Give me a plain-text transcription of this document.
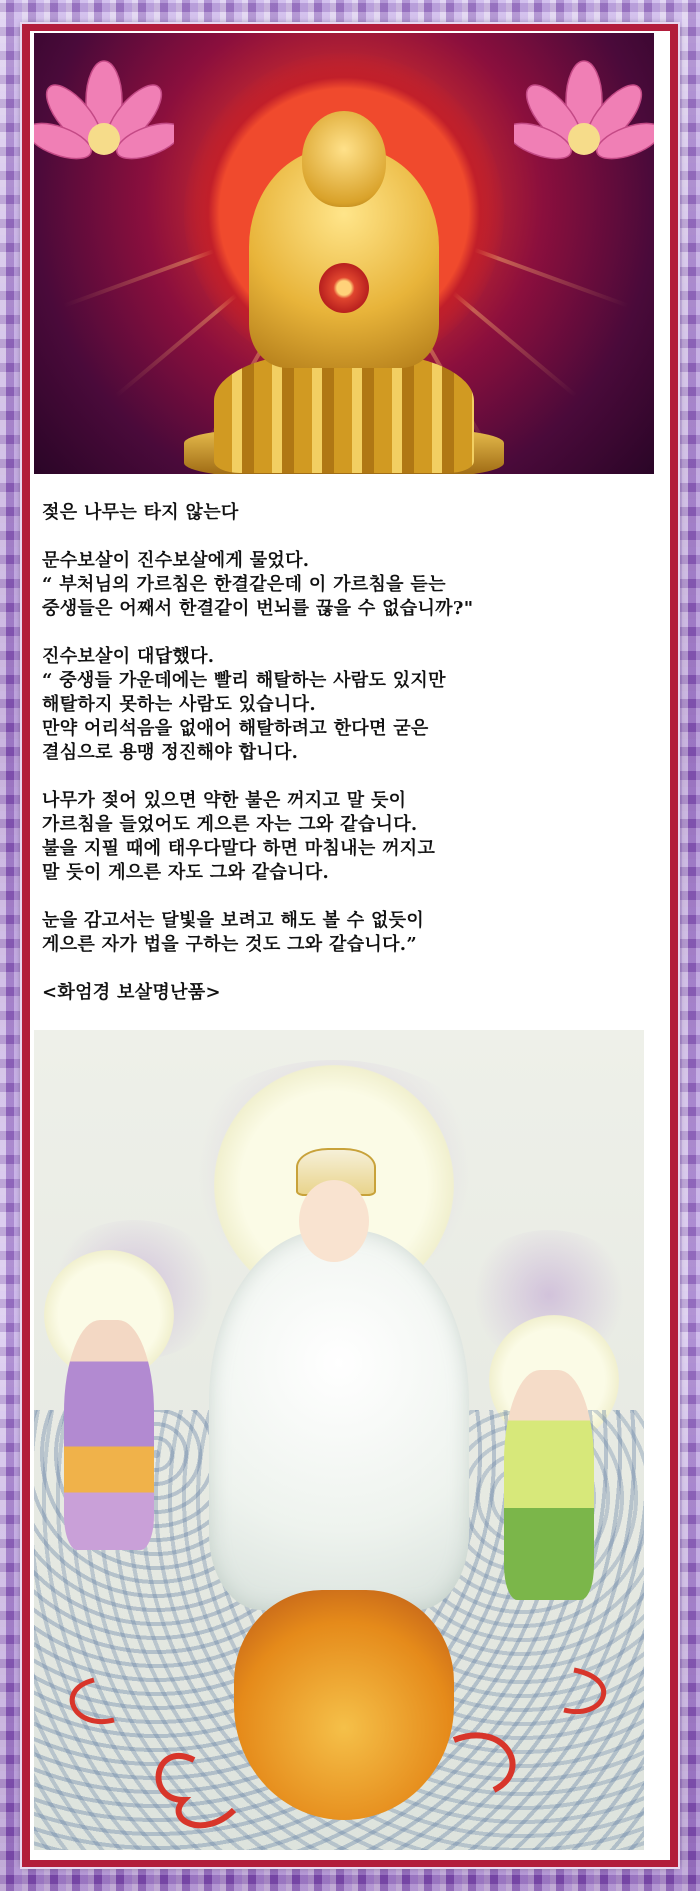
젖은 나무는 타지 않는다

문수보살이 진수보살에게 물었다.
“ 부처님의 가르침은 한결같은데 이 가르침을 듣는
중생들은 어째서 한결같이 번뇌를 끊을 수 없습니까?"

진수보살이 대답했다.
“ 중생들 가운데에는 빨리 해탈하는 사람도 있지만
해탈하지 못하는 사람도 있습니다.
만약 어리석음을 없애어 해탈하려고 한다면 굳은
결심으로 용맹 정진해야 합니다.

나무가 젖어 있으면 약한 불은 꺼지고 말 듯이
가르침을 들었어도 게으른 자는 그와 같습니다.
불을 지필 때에 태우다말다 하면 마침내는 꺼지고
말 듯이 게으른 자도 그와 같습니다.

눈을 감고서는 달빛을 보려고 해도 볼 수 없듯이
게으른 자가 법을 구하는 것도 그와 같습니다.”

<화엄경 보살명난품>
